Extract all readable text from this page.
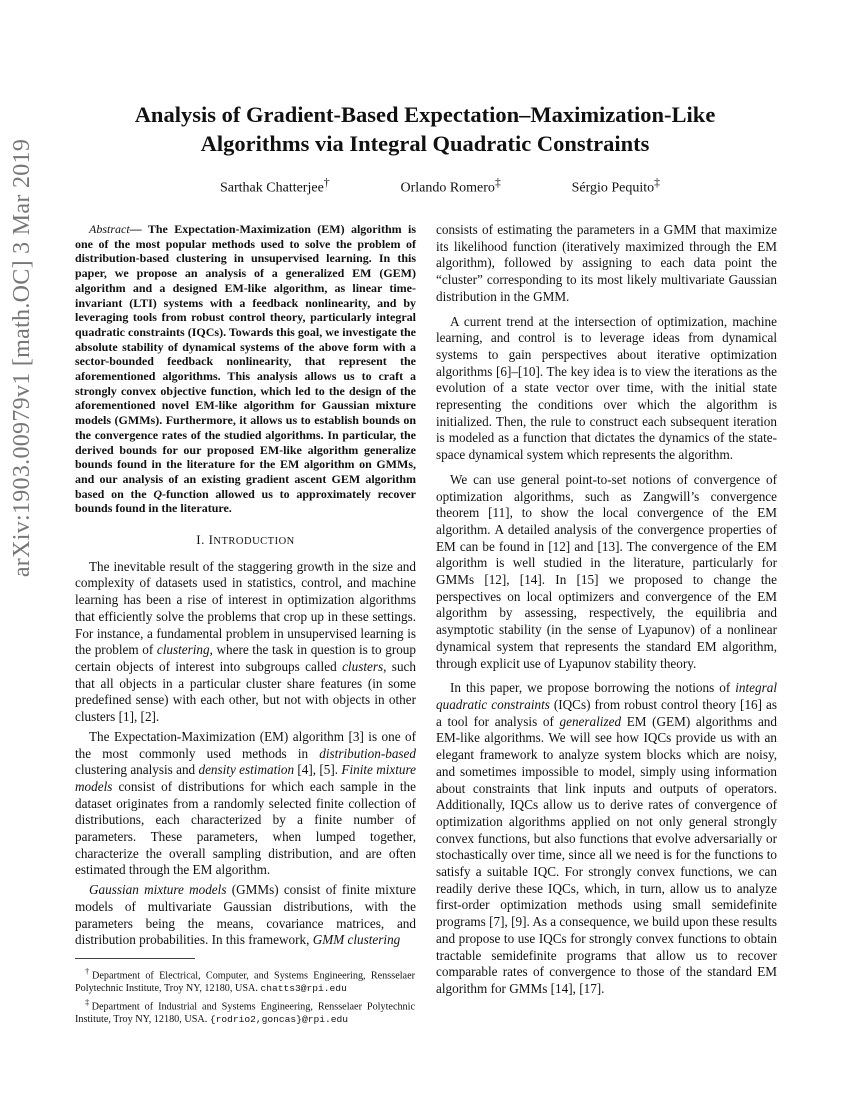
arXiv:1903.00979v1 [math.OC] 3 Mar 2019
Analysis of Gradient-Based Expectation–Maximization-Like
Algorithms via Integral Quadratic Constraints
Sarthak Chatterjee†	Orlando Romero‡	Sérgio Pequito‡

Abstract— The Expectation-Maximization (EM) algorithm is one of the most popular methods used to solve the problem of distribution-based clustering in unsupervised learning. In this paper, we propose an analysis of a generalized EM (GEM) algorithm and a designed EM-like algorithm, as linear time-invariant (LTI) systems with a feedback nonlinearity, and by leveraging tools from robust control theory, particularly integral quadratic constraints (IQCs). Towards this goal, we investigate the absolute stability of dynamical systems of the above form with a sector-bounded feedback nonlinearity, that represent the aforementioned algorithms. This analysis allows us to craft a strongly convex objective function, which led to the design of the aforementioned novel EM-like algorithm for Gaussian mixture models (GMMs). Furthermore, it allows us to establish bounds on the convergence rates of the studied algorithms. In particular, the derived bounds for our proposed EM-like algorithm generalize bounds found in the literature for the EM algorithm on GMMs, and our analysis of an existing gradient ascent GEM algorithm based on the Q-function allowed us to approximately recover bounds found in the literature.

I. INTRODUCTION

The inevitable result of the staggering growth in the size and complexity of datasets used in statistics, control, and machine learning has been a rise of interest in optimization algorithms that efficiently solve the problems that crop up in these settings. For instance, a fundamental problem in unsupervised learning is the problem of clustering, where the task in question is to group certain objects of interest into subgroups called clusters, such that all objects in a particular cluster share features (in some predefined sense) with each other, but not with objects in other clusters [1], [2].

The Expectation-Maximization (EM) algorithm [3] is one of the most commonly used methods in distribution-based clustering analysis and density estimation [4], [5]. Finite mixture models consist of distributions for which each sample in the dataset originates from a randomly selected finite collection of distributions, each characterized by a finite number of parameters. These parameters, when lumped together, characterize the overall sampling distribution, and are often estimated through the EM algorithm.

Gaussian mixture models (GMMs) consist of finite mixture models of multivariate Gaussian distributions, with the parameters being the means, covariance matrices, and distribution probabilities. In this framework, GMM clustering

†Department of Electrical, Computer, and Systems Engineering, Rensselaer Polytechnic Institute, Troy NY, 12180, USA. chatts3@rpi.edu

‡Department of Industrial and Systems Engineering, Rensselaer Polytechnic Institute, Troy NY, 12180, USA. {rodrio2,goncas}@rpi.edu

consists of estimating the parameters in a GMM that maximize its likelihood function (iteratively maximized through the EM algorithm), followed by assigning to each data point the “cluster” corresponding to its most likely multivariate Gaussian distribution in the GMM.

A current trend at the intersection of optimization, machine learning, and control is to leverage ideas from dynamical systems to gain perspectives about iterative optimization algorithms [6]–[10]. The key idea is to view the iterations as the evolution of a state vector over time, with the initial state representing the conditions over which the algorithm is initialized. Then, the rule to construct each subsequent iteration is modeled as a function that dictates the dynamics of the state-space dynamical system which represents the algorithm.

We can use general point-to-set notions of convergence of optimization algorithms, such as Zangwill’s convergence theorem [11], to show the local convergence of the EM algorithm. A detailed analysis of the convergence properties of EM can be found in [12] and [13]. The convergence of the EM algorithm is well studied in the literature, particularly for GMMs [12], [14]. In [15] we proposed to change the perspectives on local optimizers and convergence of the EM algorithm by assessing, respectively, the equilibria and asymptotic stability (in the sense of Lyapunov) of a nonlinear dynamical system that represents the standard EM algorithm, through explicit use of Lyapunov stability theory.

In this paper, we propose borrowing the notions of integral quadratic constraints (IQCs) from robust control theory [16] as a tool for analysis of generalized EM (GEM) algorithms and EM-like algorithms. We will see how IQCs provide us with an elegant framework to analyze system blocks which are noisy, and sometimes impossible to model, simply using information about constraints that link inputs and outputs of operators. Additionally, IQCs allow us to derive rates of convergence of optimization algorithms applied on not only general strongly convex functions, but also functions that evolve adversarially or stochastically over time, since all we need is for the functions to satisfy a suitable IQC. For strongly convex functions, we can readily derive these IQCs, which, in turn, allow us to analyze first-order optimization methods using small semidefinite programs [7], [9]. As a consequence, we build upon these results and propose to use IQCs for strongly convex functions to obtain tractable semidefinite programs that allow us to recover comparable rates of convergence to those of the standard EM algorithm for GMMs [14], [17].
